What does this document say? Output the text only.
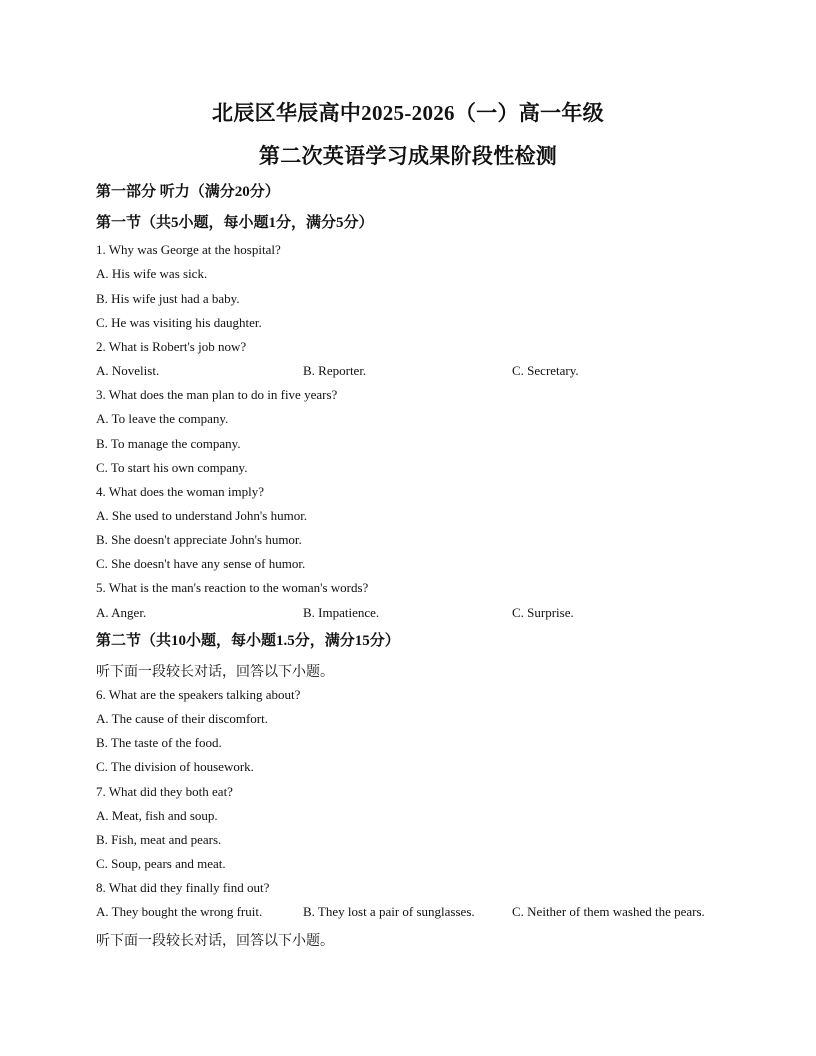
北辰区华辰高中2025-2026（一）高一年级
第二次英语学习成果阶段性检测
第一部分 听力（满分20分）
第一节（共5小题，每小题1分，满分5分）
1. Why was George at the hospital?
A. His wife was sick.
B. His wife just had a baby.
C. He was visiting his daughter.
2. What is Robert's job now?
A. Novelist.	B. Reporter.	C. Secretary.
3. What does the man plan to do in five years?
A. To leave the company.
B. To manage the company.
C. To start his own company.
4. What does the woman imply?
A. She used to understand John's humor.
B. She doesn't appreciate John's humor.
C. She doesn't have any sense of humor.
5. What is the man's reaction to the woman's words?
A. Anger.	B. Impatience.	C. Surprise.
第二节（共10小题，每小题1.5分，满分15分）
听下面一段较长对话，回答以下小题。
6. What are the speakers talking about?
A. The cause of their discomfort.
B. The taste of the food.
C. The division of housework.
7. What did they both eat?
A. Meat, fish and soup.
B. Fish, meat and pears.
C. Soup, pears and meat.
8. What did they finally find out?
A. They bought the wrong fruit.	B. They lost a pair of sunglasses.	C. Neither of them washed the pears.
听下面一段较长对话，回答以下小题。
